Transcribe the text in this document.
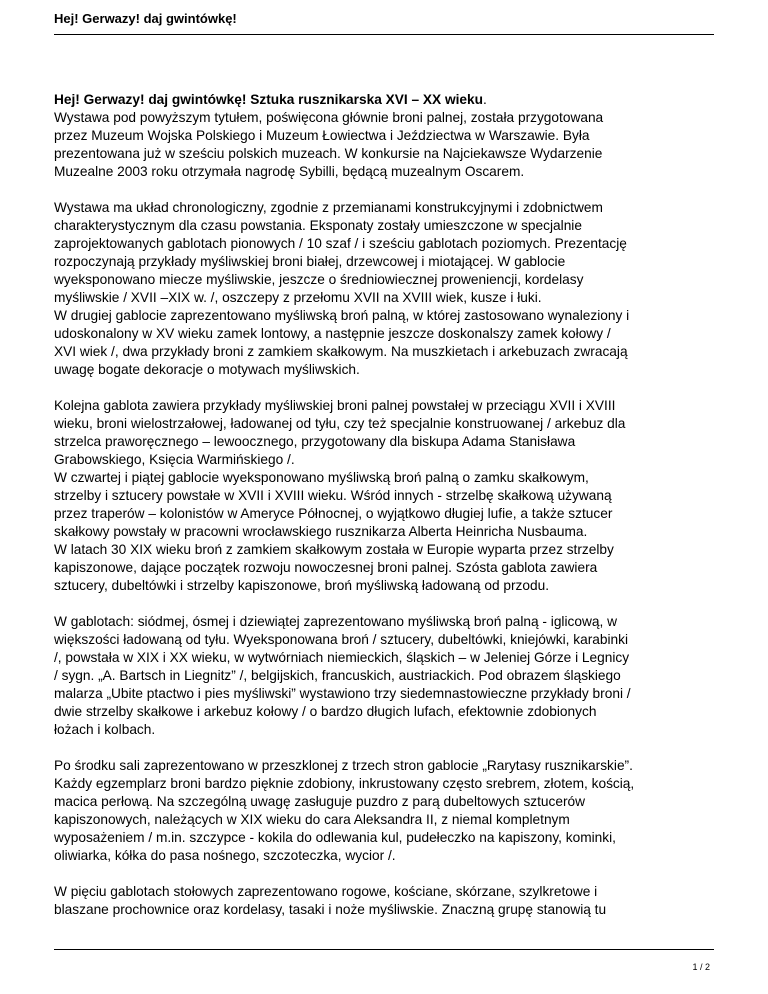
Hej! Gerwazy! daj gwintówkę!

Hej! Gerwazy! daj gwintówkę! Sztuka rusznikarska XVI – XX wieku.
Wystawa pod powyższym tytułem, poświęcona głównie broni palnej, została przygotowana
przez Muzeum Wojska Polskiego i Muzeum Łowiectwa i Jeździectwa w Warszawie. Była
prezentowana już w sześciu polskich muzeach. W konkursie na Najciekawsze Wydarzenie
Muzealne 2003 roku otrzymała nagrodę Sybilli, będącą muzealnym Oscarem.

Wystawa ma układ chronologiczny, zgodnie z przemianami konstrukcyjnymi i zdobnictwem
charakterystycznym dla czasu powstania. Eksponaty zostały umieszczone w specjalnie
zaprojektowanych gablotach pionowych / 10 szaf / i sześciu gablotach poziomych. Prezentację
rozpoczynają przykłady myśliwskiej broni białej, drzewcowej i miotającej. W gablocie
wyeksponowano miecze myśliwskie, jeszcze o średniowiecznej proweniencji, kordelasy
myśliwskie / XVII –XIX w. /, oszczepy z przełomu XVII na XVIII wiek, kusze i łuki.
W drugiej gablocie zaprezentowano myśliwską broń palną, w której zastosowano wynaleziony i
udoskonalony w XV wieku zamek lontowy, a następnie jeszcze doskonalszy zamek kołowy /
XVI wiek /, dwa przykłady broni z zamkiem skałkowym. Na muszkietach i arkebuzach zwracają
uwagę bogate dekoracje o motywach myśliwskich.

Kolejna gablota zawiera przykłady myśliwskiej broni palnej powstałej w przeciągu XVII i XVIII
wieku, broni wielostrzałowej, ładowanej od tyłu, czy też specjalnie konstruowanej / arkebuz dla
strzelca praworęcznego – lewoocznego, przygotowany dla biskupa Adama Stanisława
Grabowskiego, Księcia Warmińskiego /.
W czwartej i piątej gablocie wyeksponowano myśliwską broń palną o zamku skałkowym,
strzelby i sztucery powstałe w XVII i XVIII wieku. Wśród innych - strzelbę skałkową używaną
przez traperów – kolonistów w Ameryce Północnej, o wyjątkowo długiej lufie, a także sztucer
skałkowy powstały w pracowni wrocławskiego rusznikarza Alberta Heinricha Nusbauma.
W latach 30 XIX wieku broń z zamkiem skałkowym została w Europie wyparta przez strzelby
kapiszonowe, dające początek rozwoju nowoczesnej broni palnej. Szósta gablota zawiera
sztucery, dubeltówki i strzelby kapiszonowe, broń myśliwską ładowaną od przodu.

W gablotach: siódmej, ósmej i dziewiątej zaprezentowano myśliwską broń palną - iglicową, w
większości ładowaną od tyłu. Wyeksponowana broń / sztucery, dubeltówki, kniejówki, karabinki
/, powstała w XIX i XX wieku, w wytwórniach niemieckich, śląskich – w Jeleniej Górze i Legnicy
/ sygn. „A. Bartsch in Liegnitz” /, belgijskich, francuskich, austriackich. Pod obrazem śląskiego
malarza „Ubite ptactwo i pies myśliwski” wystawiono trzy siedemnastowieczne przykłady broni /
dwie strzelby skałkowe i arkebuz kołowy / o bardzo długich lufach, efektownie zdobionych
łożach i kolbach.

Po środku sali zaprezentowano w przeszklonej z trzech stron gablocie „Rarytasy rusznikarskie”.
Każdy egzemplarz broni bardzo pięknie zdobiony, inkrustowany często srebrem, złotem, kością,
macica perłową. Na szczególną uwagę zasługuje puzdro z parą dubeltowych sztucerów
kapiszonowych, należących w XIX wieku do cara Aleksandra II, z niemal kompletnym
wyposażeniem / m.in. szczypce - kokila do odlewania kul, pudełeczko na kapiszony, kominki,
oliwiarka, kółka do pasa nośnego, szczoteczka, wycior /.

W pięciu gablotach stołowych zaprezentowano rogowe, kościane, skórzane, szylkretowe i
blaszane prochownice oraz kordelasy, tasaki i noże myśliwskie. Znaczną grupę stanowią tu

1 / 2
